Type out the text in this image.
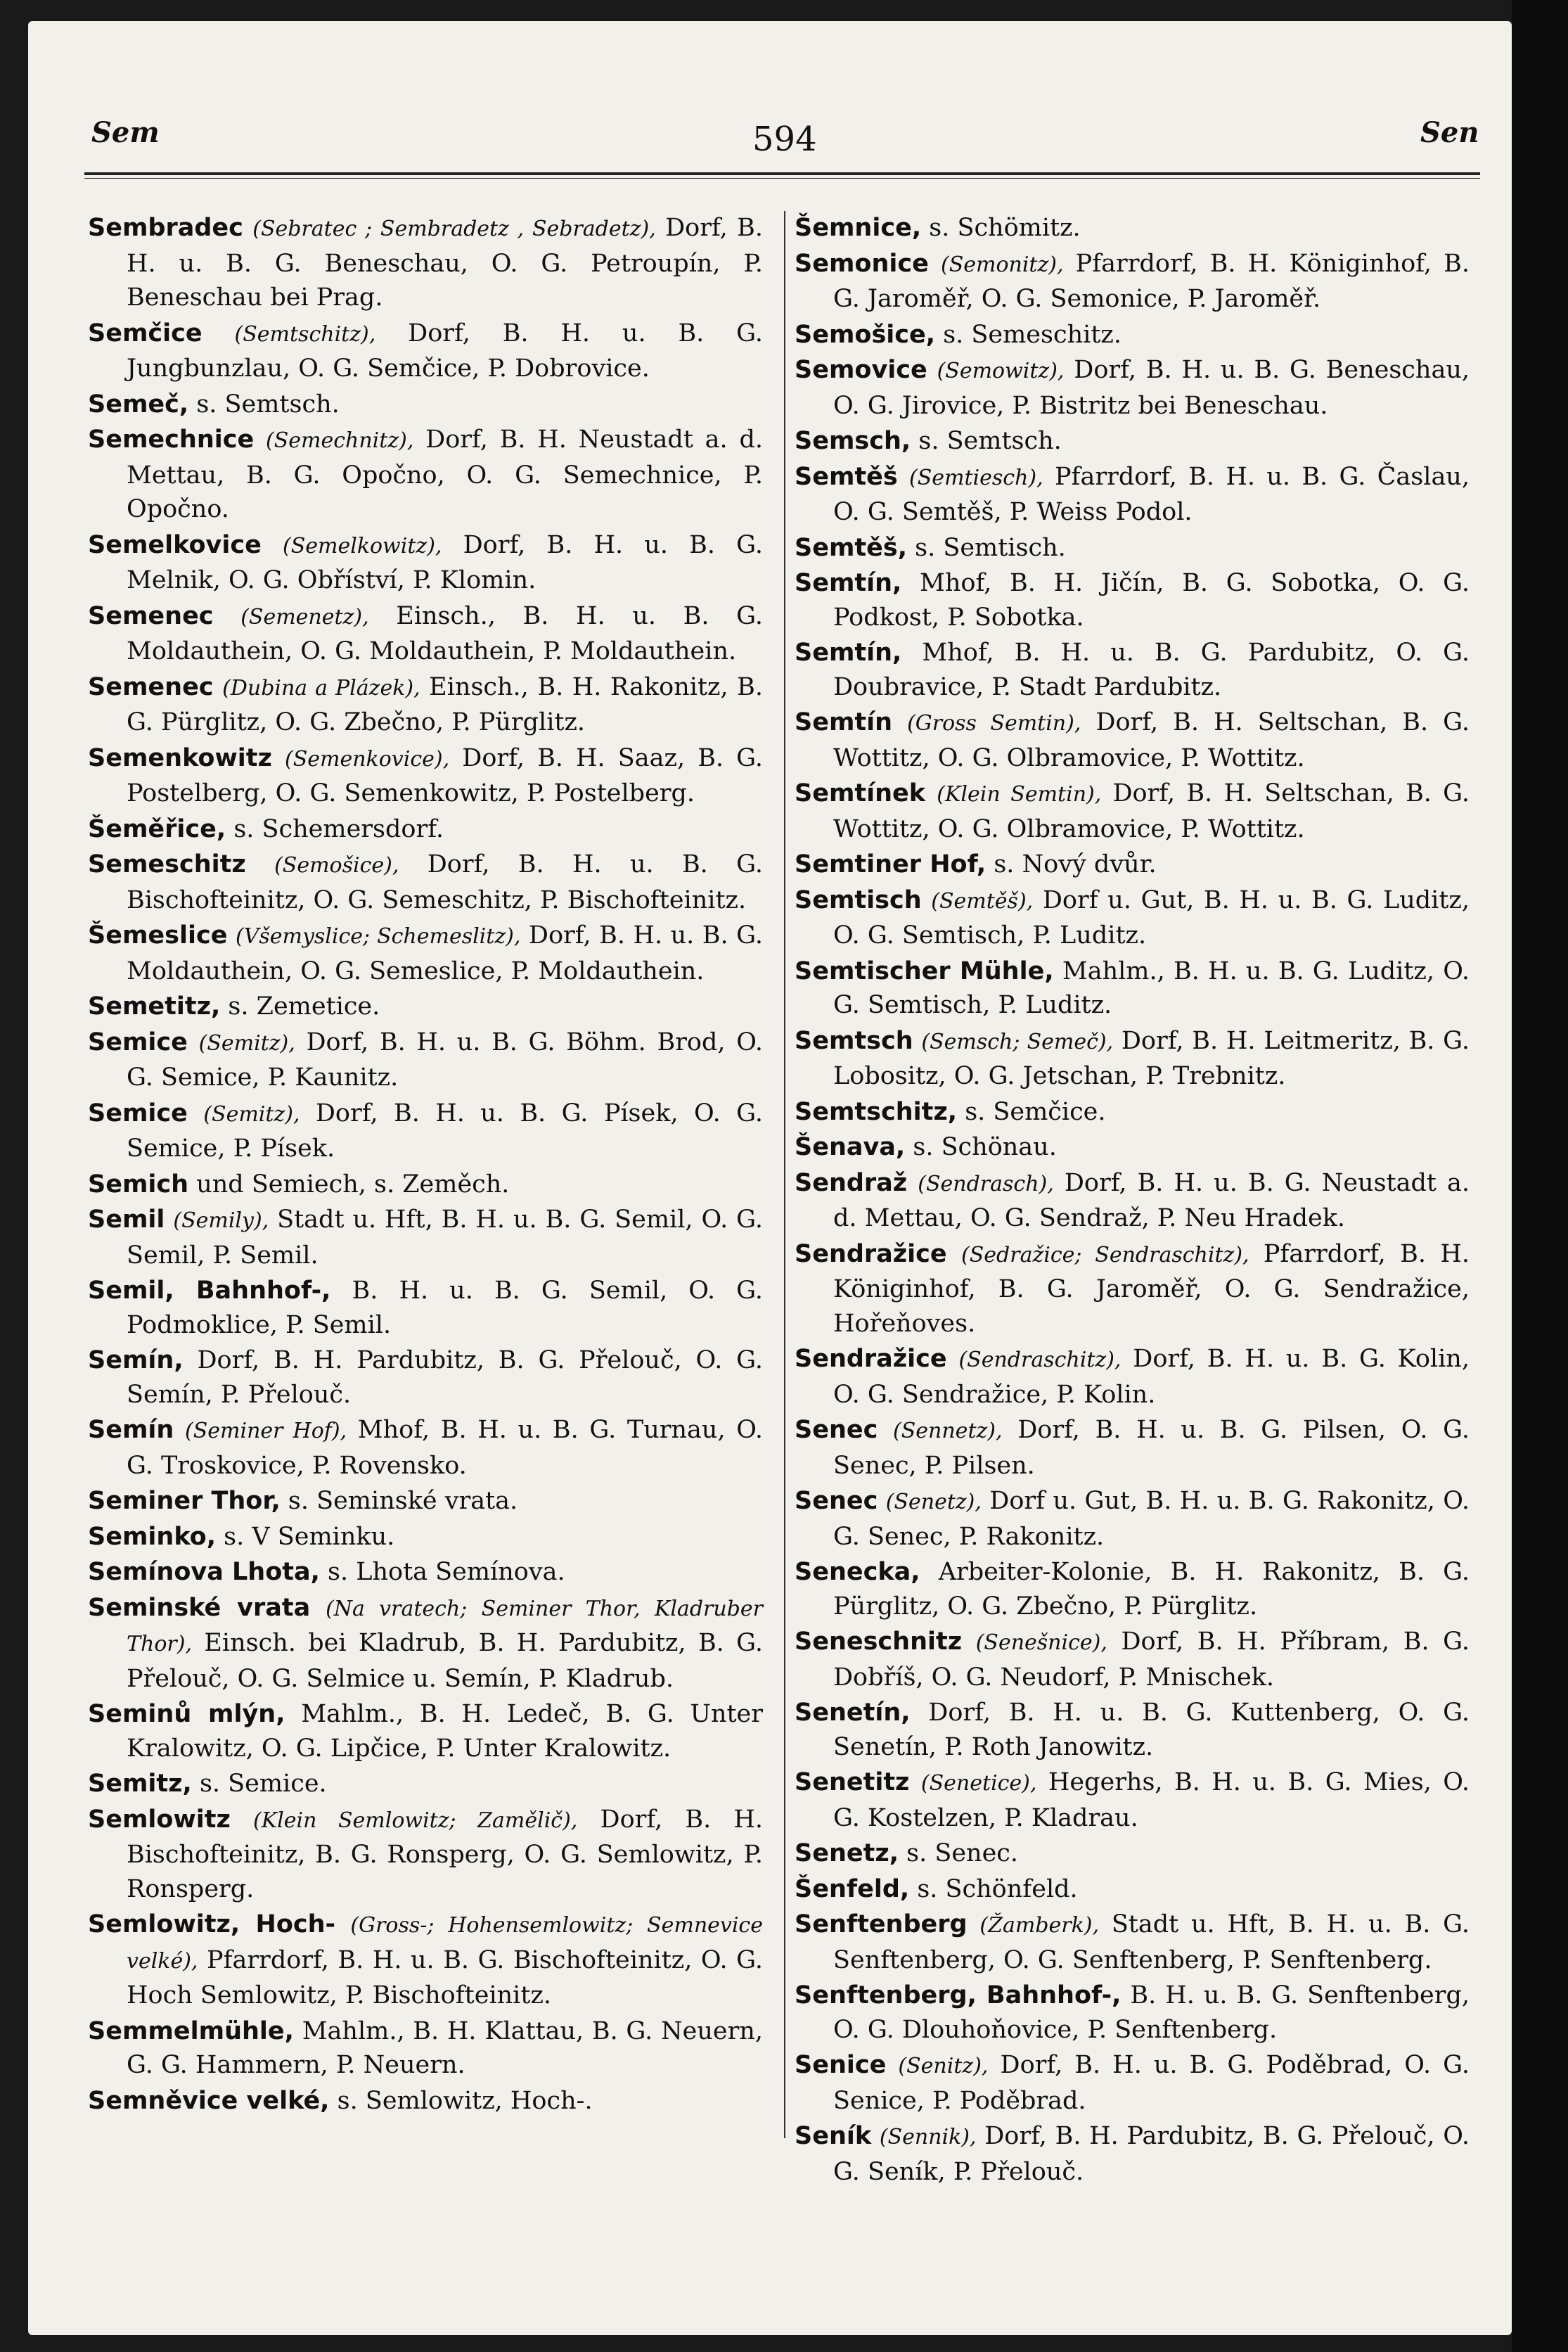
Sem	594	Sen
Sembradec (Sebratec ; Sembradetz , Sebradetz), Dorf, B. H. u. B. G. Beneschau, O. G. Petroupín, P. Beneschau bei Prag.
Semčice (Semtschitz), Dorf, B. H. u. B. G. Jungbunzlau, O. G. Semčice, P. Dobrovice.
Semeč, s. Semtsch.
Semechnice (Semechnitz), Dorf, B. H. Neustadt a. d. Mettau, B. G. Opočno, O. G. Semechnice, P. Opočno.
Semelkovice (Semelkowitz), Dorf, B. H. u. B. G. Melnik, O. G. Obříství, P. Klomin.
Semenec (Semenetz), Einsch., B. H. u. B. G. Moldauthein, O. G. Moldauthein, P. Moldauthein.
Semenec (Dubina a Plázek), Einsch., B. H. Rakonitz, B. G. Pürglitz, O. G. Zbečno, P. Pürglitz.
Semenkowitz (Semenkovice), Dorf, B. H. Saaz, B. G. Postelberg, O. G. Semenkowitz, P. Postelberg.
Šeměřice, s. Schemersdorf.
Semeschitz (Semošice), Dorf, B. H. u. B. G. Bischofteinitz, O. G. Semeschitz, P. Bischofteinitz.
Šemeslice (Všemyslice; Schemeslitz), Dorf, B. H. u. B. G. Moldauthein, O. G. Semeslice, P. Moldauthein.
Semetitz, s. Zemetice.
Semice (Semitz), Dorf, B. H. u. B. G. Böhm. Brod, O. G. Semice, P. Kaunitz.
Semice (Semitz), Dorf, B. H. u. B. G. Písek, O. G. Semice, P. Písek.
Semich und Semiech, s. Zeměch.
Semil (Semily), Stadt u. Hft, B. H. u. B. G. Semil, O. G. Semil, P. Semil.
Semil, Bahnhof-, B. H. u. B. G. Semil, O. G. Podmoklice, P. Semil.
Semín, Dorf, B. H. Pardubitz, B. G. Přelouč, O. G. Semín, P. Přelouč.
Semín (Seminer Hof), Mhof, B. H. u. B. G. Turnau, O. G. Troskovice, P. Rovensko.
Seminer Thor, s. Seminské vrata.
Seminko, s. V Seminku.
Semínova Lhota, s. Lhota Semínova.
Seminské vrata (Na vratech; Seminer Thor, Kladruber Thor), Einsch. bei Kladrub, B. H. Pardubitz, B. G. Přelouč, O. G. Selmice u. Semín, P. Kladrub.
Seminů mlýn, Mahlm., B. H. Ledeč, B. G. Unter Kralowitz, O. G. Lipčice, P. Unter Kralowitz.
Semitz, s. Semice.
Semlowitz (Klein Semlowitz; Zamělič), Dorf, B. H. Bischofteinitz, B. G. Ronsperg, O. G. Semlowitz, P. Ronsperg.
Semlowitz, Hoch- (Gross-; Hohensemlowitz; Semnevice velké), Pfarrdorf, B. H. u. B. G. Bischofteinitz, O. G. Hoch Semlowitz, P. Bischofteinitz.
Semmelmühle, Mahlm., B. H. Klattau, B. G. Neuern, G. G. Hammern, P. Neuern.
Semněvice velké, s. Semlowitz, Hoch-.
Šemnice, s. Schömitz.
Semonice (Semonitz), Pfarrdorf, B. H. Königinhof, B. G. Jaroměř, O. G. Semonice, P. Jaroměř.
Semošice, s. Semeschitz.
Semovice (Semowitz), Dorf, B. H. u. B. G. Beneschau, O. G. Jirovice, P. Bistritz bei Beneschau.
Semsch, s. Semtsch.
Semtěš (Semtiesch), Pfarrdorf, B. H. u. B. G. Časlau, O. G. Semtěš, P. Weiss Podol.
Semtěš, s. Semtisch.
Semtín, Mhof, B. H. Jičín, B. G. Sobotka, O. G. Podkost, P. Sobotka.
Semtín, Mhof, B. H. u. B. G. Pardubitz, O. G. Doubravice, P. Stadt Pardubitz.
Semtín (Gross Semtin), Dorf, B. H. Seltschan, B. G. Wottitz, O. G. Olbramovice, P. Wottitz.
Semtínek (Klein Semtin), Dorf, B. H. Seltschan, B. G. Wottitz, O. G. Olbramovice, P. Wottitz.
Semtiner Hof, s. Nový dvůr.
Semtisch (Semtěš), Dorf u. Gut, B. H. u. B. G. Luditz, O. G. Semtisch, P. Luditz.
Semtischer Mühle, Mahlm., B. H. u. B. G. Luditz, O. G. Semtisch, P. Luditz.
Semtsch (Semsch; Semeč), Dorf, B. H. Leitmeritz, B. G. Lobositz, O. G. Jetschan, P. Trebnitz.
Semtschitz, s. Semčice.
Šenava, s. Schönau.
Sendraž (Sendrasch), Dorf, B. H. u. B. G. Neustadt a. d. Mettau, O. G. Sendraž, P. Neu Hradek.
Sendražice (Sedražice; Sendraschitz), Pfarrdorf, B. H. Königinhof, B. G. Jaroměř, O. G. Sendražice, Hořeňoves.
Sendražice (Sendraschitz), Dorf, B. H. u. B. G. Kolin, O. G. Sendražice, P. Kolin.
Senec (Sennetz), Dorf, B. H. u. B. G. Pilsen, O. G. Senec, P. Pilsen.
Senec (Senetz), Dorf u. Gut, B. H. u. B. G. Rakonitz, O. G. Senec, P. Rakonitz.
Senecka, Arbeiter-Kolonie, B. H. Rakonitz, B. G. Pürglitz, O. G. Zbečno, P. Pürglitz.
Seneschnitz (Senešnice), Dorf, B. H. Příbram, B. G. Dobříš, O. G. Neudorf, P. Mnischek.
Senetín, Dorf, B. H. u. B. G. Kuttenberg, O. G. Senetín, P. Roth Janowitz.
Senetitz (Senetice), Hegerhs, B. H. u. B. G. Mies, O. G. Kostelzen, P. Kladrau.
Senetz, s. Senec.
Šenfeld, s. Schönfeld.
Senftenberg (Žamberk), Stadt u. Hft, B. H. u. B. G. Senftenberg, O. G. Senftenberg, P. Senftenberg.
Senftenberg, Bahnhof-, B. H. u. B. G. Senftenberg, O. G. Dlouhoňovice, P. Senftenberg.
Senice (Senitz), Dorf, B. H. u. B. G. Poděbrad, O. G. Senice, P. Poděbrad.
Seník (Sennik), Dorf, B. H. Pardubitz, B. G. Přelouč, O. G. Seník, P. Přelouč.
